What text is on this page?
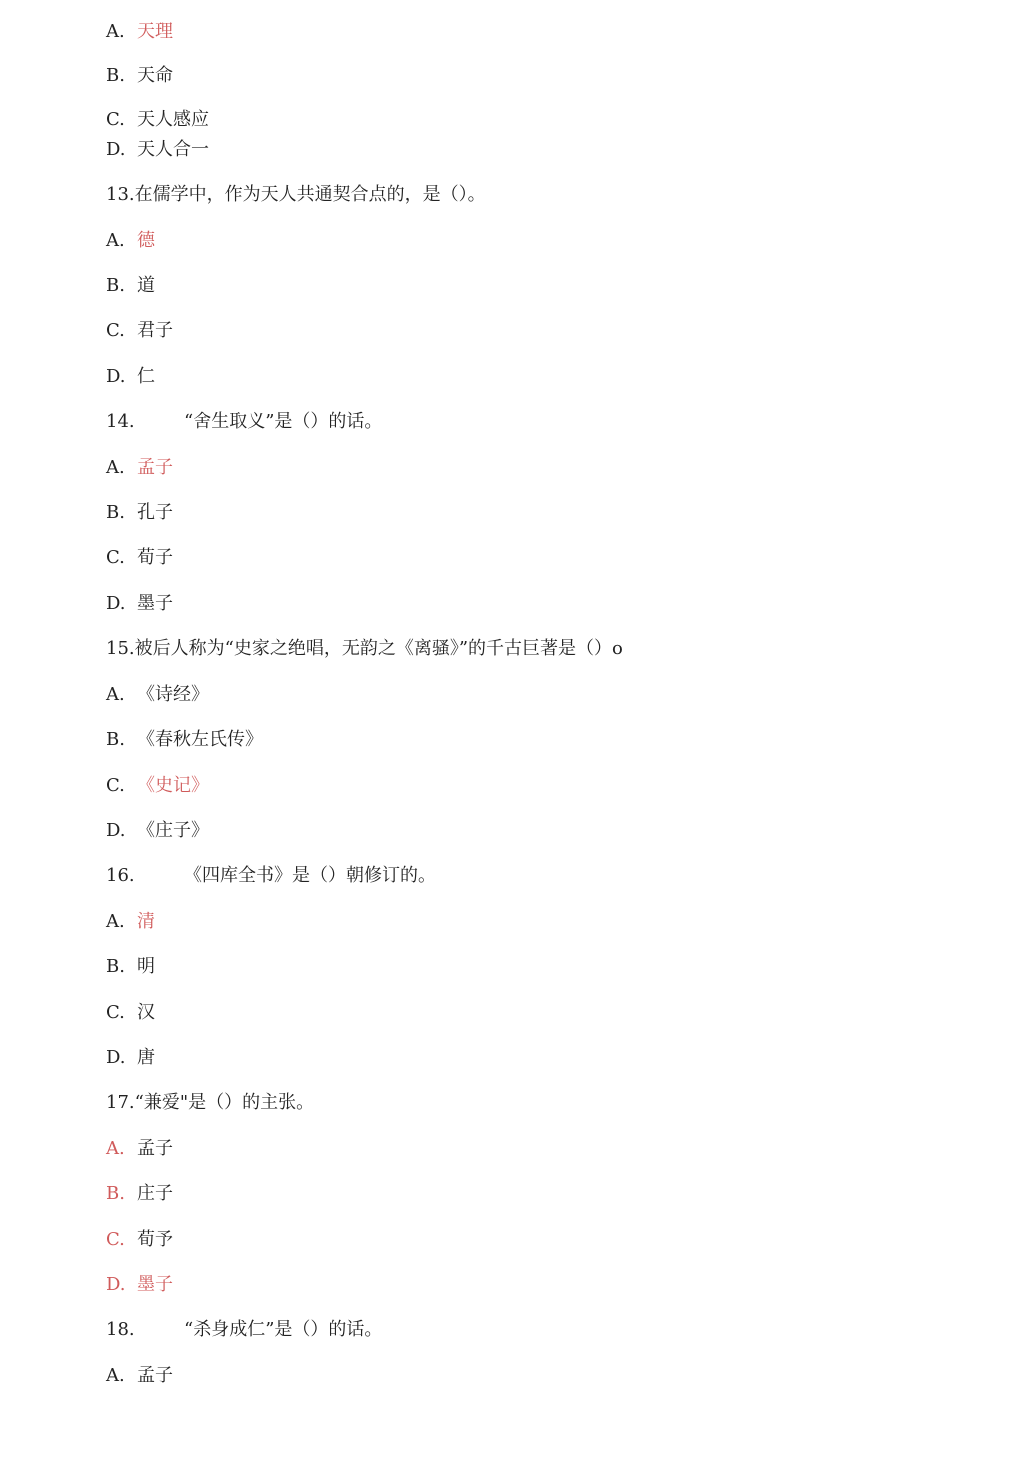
A. 天理
B. 天命
C. 天人感应
D. 天人合一
13.在儒学中，作为天人共通契合点的，是（）。
A. 德
B. 道
C. 君子
D. 仁
14.	“舍生取义”是（）的话。
A. 孟子
B. 孔子
C. 荀子
D. 墨子
15.被后人称为“史家之绝唱，无韵之《离骚》”的千古巨著是（）o
A. 《诗经》
B. 《春秋左氏传》
C. 《史记》
D. 《庄子》
16.	《四库全书》是（）朝修订的。
A. 清
B. 明
C. 汉
D. 唐
17.“兼爱"是（）的主张。
A. 孟子
B. 庄子
C. 荀予
D. 墨子
18.	“杀身成仁”是（）的话。
A. 孟子
